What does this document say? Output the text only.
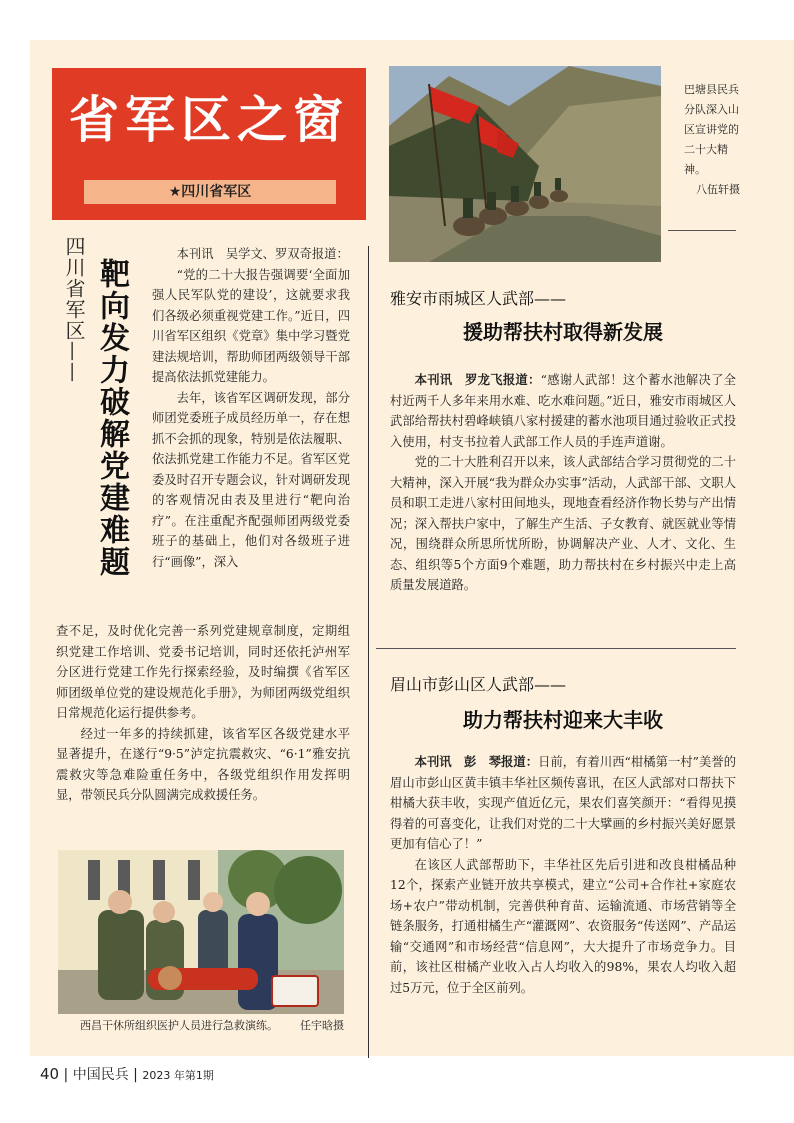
省军区之窗
★四川省军区
四川省军区—— 靶向发力破解党建难题

本刊讯　吴学文、罗双奇报道：

“党的二十大报告强调要‘全面加强人民军队党的建设’，这就要求我们各级必须重视党建工作。”近日，四川省军区组织《党章》集中学习暨党建法规培训，帮助师团两级领导干部提高依法抓党建能力。

去年，该省军区调研发现，部分师团党委班子成员经历单一，存在想抓不会抓的现象，特别是依法履职、依法抓党建工作能力不足。省军区党委及时召开专题会议，针对调研发现的客观情况由表及里进行“靶向治疗”。在注重配齐配强师团两级党委班子的基础上，他们对各级班子进行“画像”，深入

查不足，及时优化完善一系列党建规章制度，定期组织党建工作培训、党委书记培训，同时还依托泸州军分区进行党建工作先行探索经验，及时编撰《省军区师团级单位党的建设规范化手册》，为师团两级党组织日常规范化运行提供参考。

经过一年多的持续抓建，该省军区各级党建水平显著提升，在遂行“9·5”泸定抗震救灾、“6·1”雅安抗震救灾等急难险重任务中，各级党组织作用发挥明显，带领民兵分队圆满完成救援任务。

巴塘县民兵分队深入山区宣讲党的二十大精神。
八伍轩摄
雅安市雨城区人武部——
援助帮扶村取得新发展

本刊讯　罗龙飞报道：“感谢人武部！这个蓄水池解决了全村近两千人多年来用水难、吃水难问题。”近日，雅安市雨城区人武部给帮扶村碧峰峡镇八家村援建的蓄水池项目通过验收正式投入使用，村支书拉着人武部工作人员的手连声道谢。

党的二十大胜利召开以来，该人武部结合学习贯彻党的二十大精神，深入开展“我为群众办实事”活动，人武部干部、文职人员和职工走进八家村田间地头，现地查看经济作物长势与产出情况；深入帮扶户家中，了解生产生活、子女教育、就医就业等情况，围绕群众所思所忧所盼，协调解决产业、人才、文化、生态、组织等5个方面9个难题，助力帮扶村在乡村振兴中走上高质量发展道路。

眉山市彭山区人武部——
助力帮扶村迎来大丰收

本刊讯　彭　琴报道：日前，有着川西“柑橘第一村”美誉的眉山市彭山区黄丰镇丰华社区频传喜讯，在区人武部对口帮扶下柑橘大获丰收，实现产值近亿元，果农们喜笑颜开：“看得见摸得着的可喜变化，让我们对党的二十大擘画的乡村振兴美好愿景更加有信心了！”

在该区人武部帮助下，丰华社区先后引进和改良柑橘品种12个，探索产业链开放共享模式，建立“公司+合作社+家庭农场+农户”带动机制，完善供种育苗、运输流通、市场营销等全链条服务，打通柑橘生产“灌溉网”、农资服务“传送网”、产品运输“交通网”和市场经营“信息网”，大大提升了市场竞争力。目前，该社区柑橘产业收入占人均收入的98%，果农人均收入超过5万元，位于全区前列。

西昌干休所组织医护人员进行急救演练。 任宇晗摄
40 | 中国民兵 | 2023 年第1期
